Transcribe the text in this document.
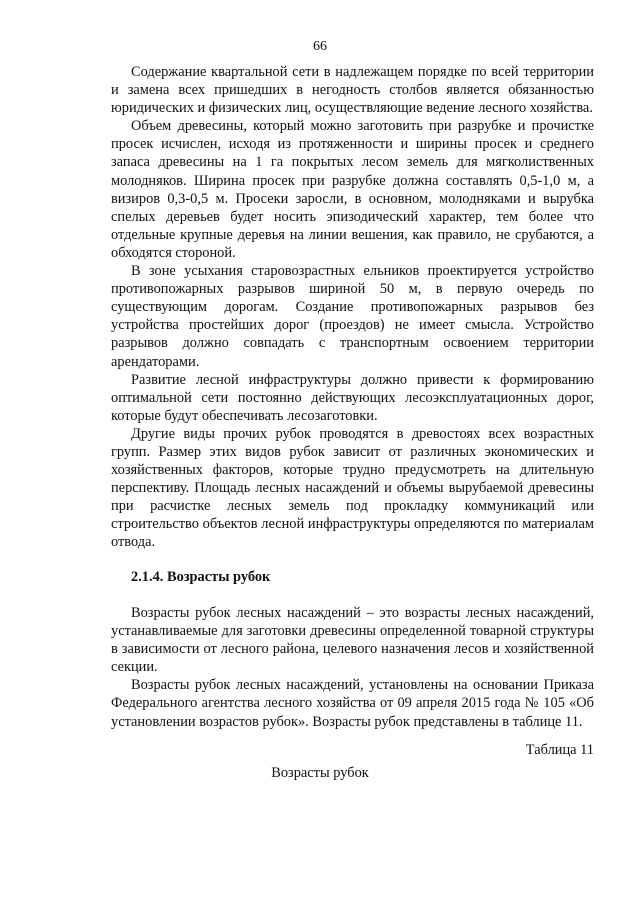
66

Содержание квартальной сети в надлежащем порядке по всей территории и замена всех пришедших в негодность столбов является обязанностью юридических и физических лиц, осуществляющие ведение лесного хозяйства.

Объем древесины, который можно заготовить при разрубке и прочистке просек исчислен, исходя из протяженности и ширины просек и среднего запаса древесины на 1 га покрытых лесом земель для мягколиственных молодняков. Ширина просек при разрубке должна составлять 0,5-1,0 м, а визиров 0,3-0,5 м. Просеки заросли, в основном, молодняками и вырубка спелых деревьев будет носить эпизодический характер, тем более что отдельные крупные деревья на линии вешения, как правило, не срубаются, а обходятся стороной.

В зоне усыхания старовозрастных ельников проектируется устройство противопожарных разрывов шириной 50 м, в первую очередь по существующим дорогам. Создание противопожарных разрывов без устройства простейших дорог (проездов) не имеет смысла. Устройство разрывов должно совпадать с транспортным освоением территории арендаторами.

Развитие лесной инфраструктуры должно привести к формированию оптимальной сети постоянно действующих лесоэксплуатационных дорог, которые будут обеспечивать лесозаготовки.

Другие виды прочих рубок проводятся в древостоях всех возрастных групп. Размер этих видов рубок зависит от различных экономических и хозяйственных факторов, которые трудно предусмотреть на длительную перспективу. Площадь лесных насаждений и объемы вырубаемой древесины при расчистке лесных земель под прокладку коммуникаций или строительство объектов лесной инфраструктуры определяются по материалам отвода.

2.1.4. Возрасты рубок

Возрасты рубок лесных насаждений – это возрасты лесных насаждений, устанавливаемые для заготовки древесины определенной товарной структуры в зависимости от лесного района, целевого назначения лесов и хозяйственной секции.

Возрасты рубок лесных насаждений, установлены на основании Приказа Федерального агентства лесного хозяйства от 09 апреля 2015 года № 105 «Об установлении возрастов рубок». Возрасты рубок представлены в таблице 11.

Таблица 11
Возрасты рубок
